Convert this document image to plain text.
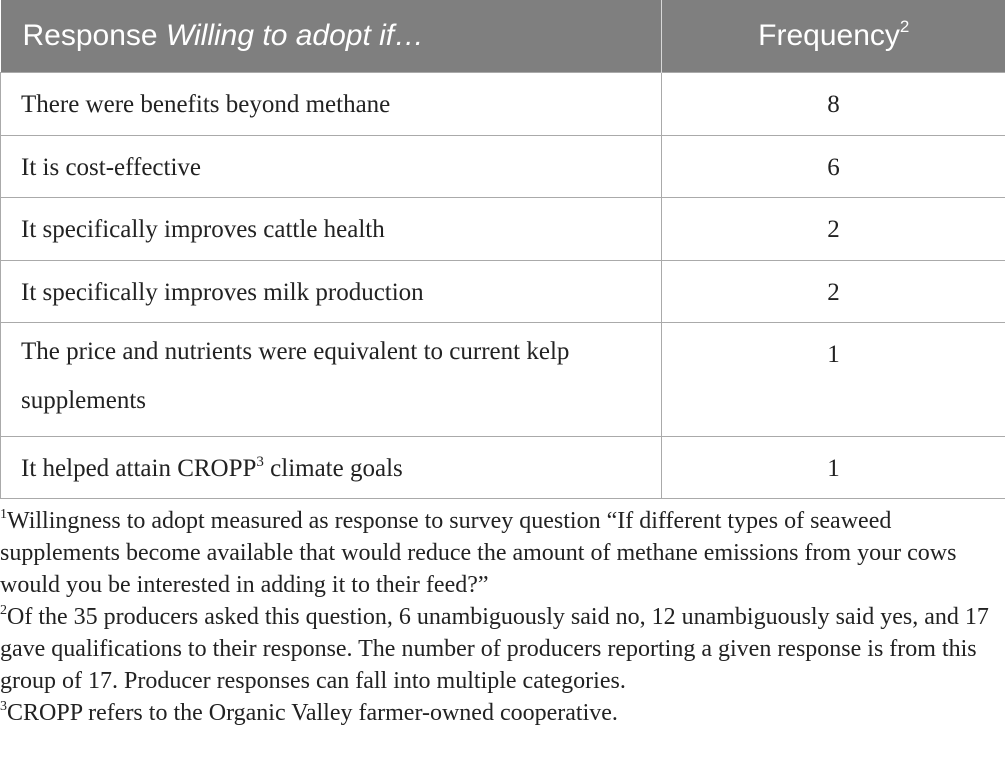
Response Willing to adopt if…	Frequency$^2$
There were benefits beyond methane	8
It is cost-effective	6
It specifically improves cattle health	2
It specifically improves milk production	2
The price and nutrients were equivalent to current kelp supplements	1
It helped attain CROPP$^3$ climate goals	1

$^1$Willingness to adopt measured as response to survey question “If different types of seaweed supplements become available that would reduce the amount of methane emissions from your cows would you be interested in adding it to their feed?”

$^2$Of the 35 producers asked this question, 6 unambiguously said no, 12 unambiguously said yes, and 17 gave qualifications to their response. The number of producers reporting a given response is from this group of 17. Producer responses can fall into multiple categories.

$^3$CROPP refers to the Organic Valley farmer-owned cooperative.
